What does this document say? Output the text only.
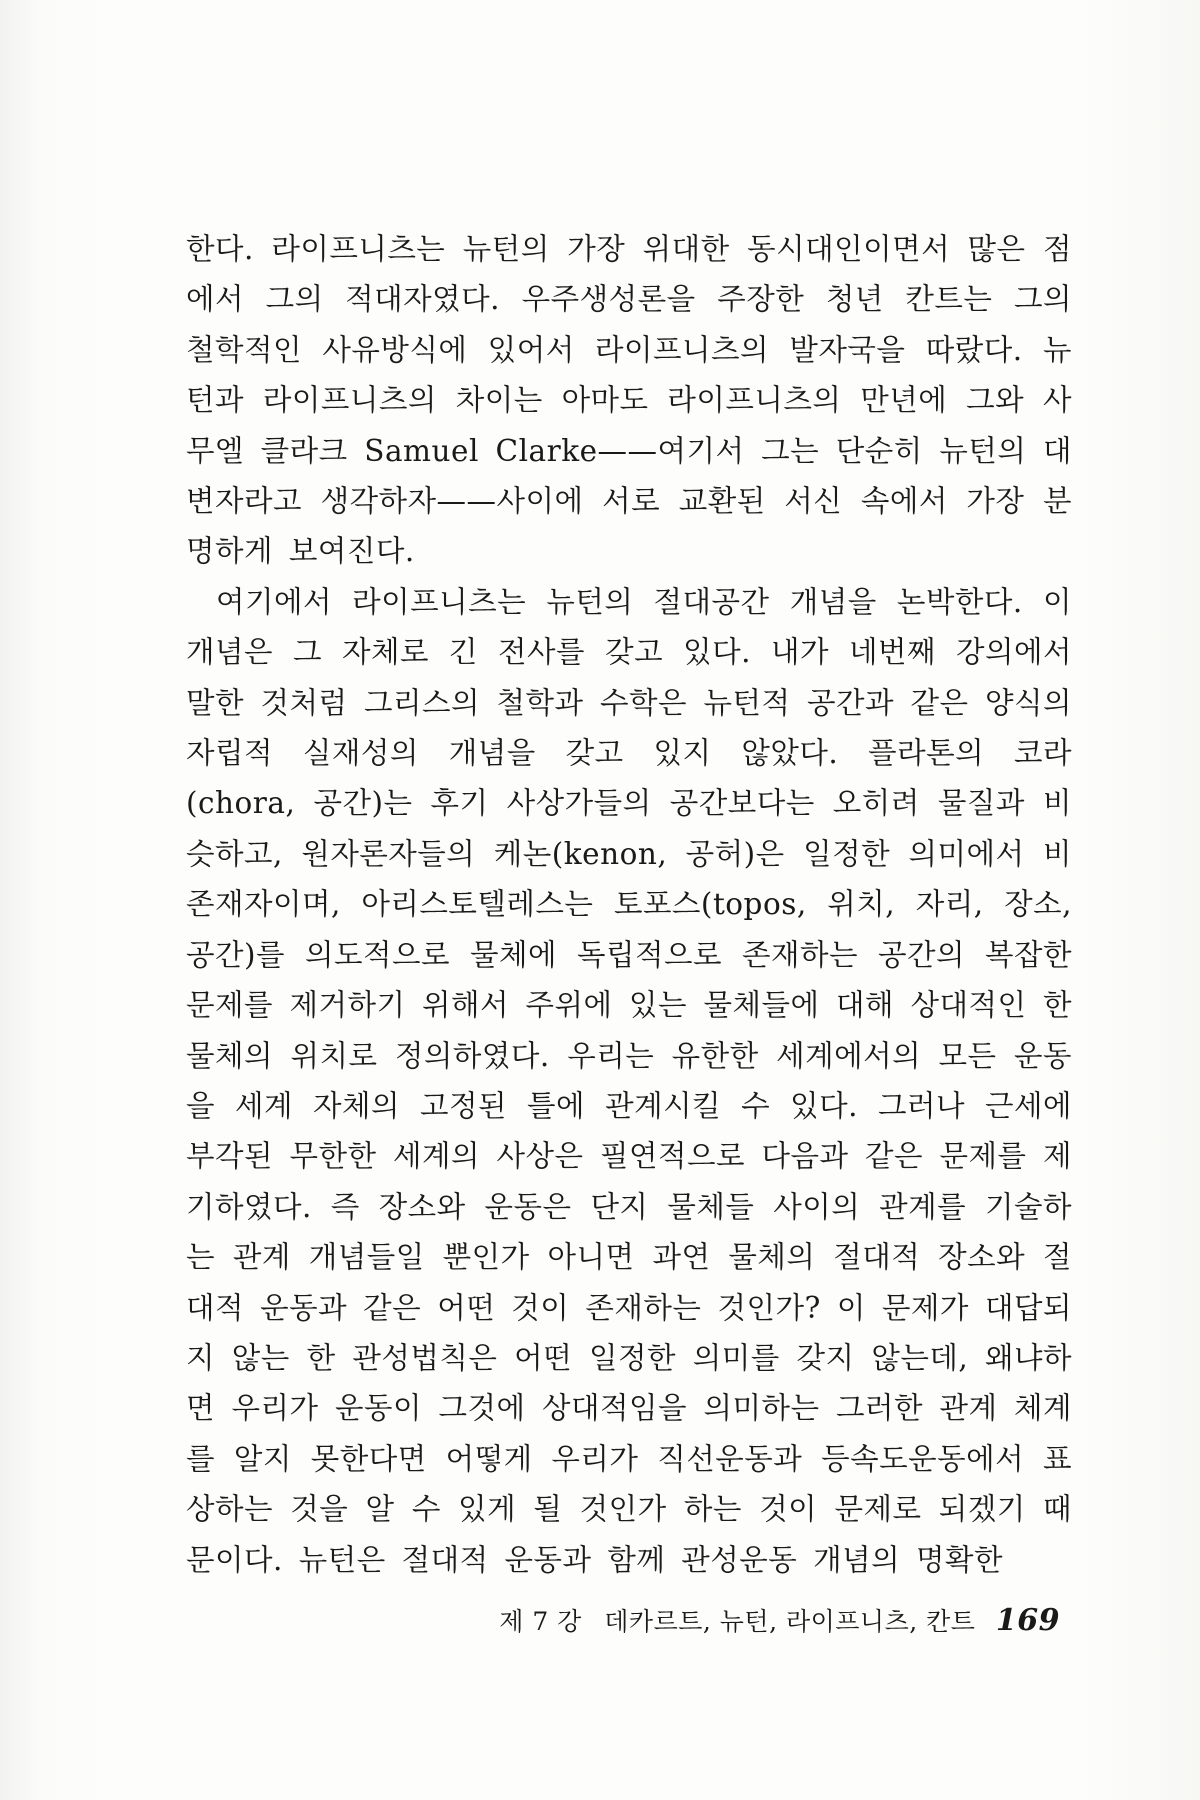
한다. 라이프니츠는 뉴턴의 가장 위대한 동시대인이면서 많은 점에서 그의 적대자였다. 우주생성론을 주장한 청년 칸트는 그의 철학적인 사유방식에 있어서 라이프니츠의 발자국을 따랐다. 뉴턴과 라이프니츠의 차이는 아마도 라이프니츠의 만년에 그와 사무엘 클라크 Samuel Clarke——여기서 그는 단순히 뉴턴의 대변자라고 생각하자——사이에 서로 교환된 서신 속에서 가장 분명하게 보여진다.

여기에서 라이프니츠는 뉴턴의 절대공간 개념을 논박한다. 이 개념은 그 자체로 긴 전사를 갖고 있다. 내가 네번째 강의에서 말한 것처럼 그리스의 철학과 수학은 뉴턴적 공간과 같은 양식의 자립적 실재성의 개념을 갖고 있지 않았다. 플라톤의 코라(chora, 공간)는 후기 사상가들의 공간보다는 오히려 물질과 비슷하고, 원자론자들의 케논(kenon, 공허)은 일정한 의미에서 비존재자이며, 아리스토텔레스는 토포스(topos, 위치, 자리, 장소, 공간)를 의도적으로 물체에 독립적으로 존재하는 공간의 복잡한 문제를 제거하기 위해서 주위에 있는 물체들에 대해 상대적인 한 물체의 위치로 정의하였다. 우리는 유한한 세계에서의 모든 운동을 세계 자체의 고정된 틀에 관계시킬 수 있다. 그러나 근세에 부각된 무한한 세계의 사상은 필연적으로 다음과 같은 문제를 제기하였다. 즉 장소와 운동은 단지 물체들 사이의 관계를 기술하는 관계 개념들일 뿐인가 아니면 과연 물체의 절대적 장소와 절대적 운동과 같은 어떤 것이 존재하는 것인가? 이 문제가 대답되지 않는 한 관성법칙은 어떤 일정한 의미를 갖지 않는데, 왜냐하면 우리가 운동이 그것에 상대적임을 의미하는 그러한 관계 체계를 알지 못한다면 어떻게 우리가 직선운동과 등속도운동에서 표상하는 것을 알 수 있게 될 것인가 하는 것이 문제로 되겠기 때문이다. 뉴턴은 절대적 운동과 함께 관성운동 개념의 명확한

제 7 강 데카르트, 뉴턴, 라이프니츠, 칸트 169
